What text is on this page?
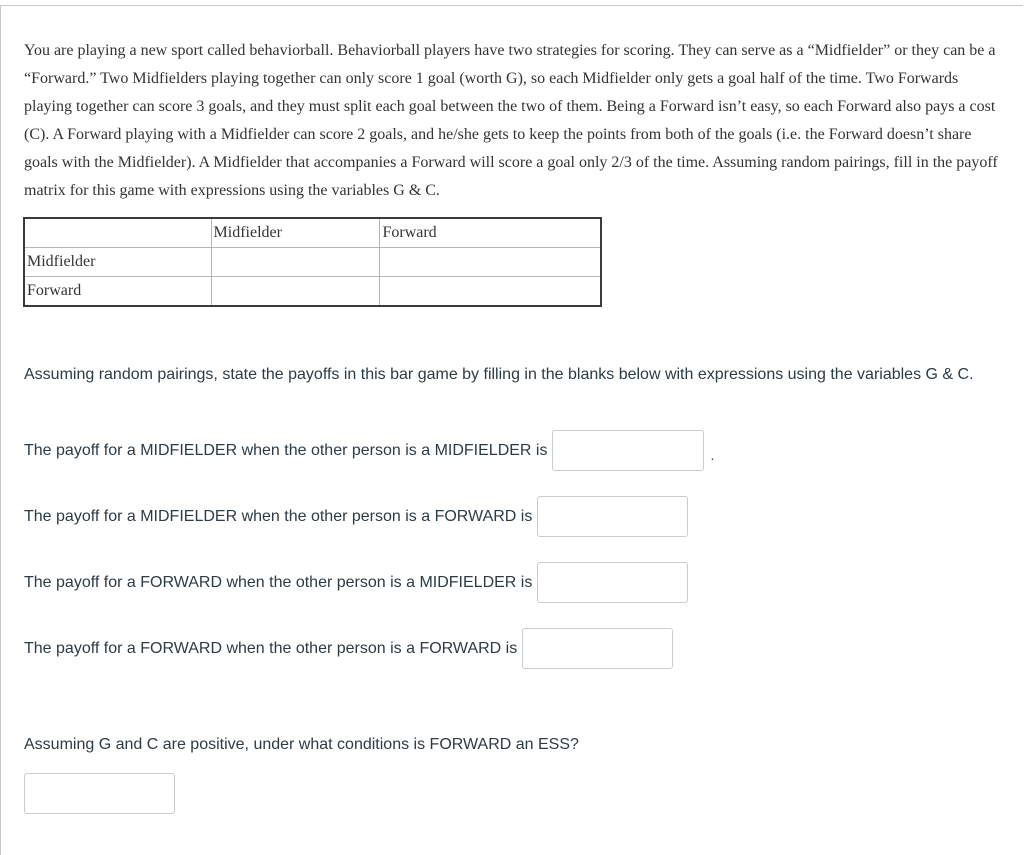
You are playing a new sport called behaviorball. Behaviorball players have two strategies for scoring. They can serve as a “Midfielder” or they can be a “Forward.” Two Midfielders playing together can only score 1 goal (worth G), so each Midfielder only gets a goal half of the time. Two Forwards playing together can score 3 goals, and they must split each goal between the two of them. Being a Forward isn’t easy, so each Forward also pays a cost (C). A Forward playing with a Midfielder can score 2 goals, and he/she gets to keep the points from both of the goals (i.e. the Forward doesn’t share goals with the Midfielder). A Midfielder that accompanies a Forward will score a goal only 2/3 of the time. Assuming random pairings, fill in the payoff matrix for this game with expressions using the variables G & C.

	Midfielder	Forward
Midfielder		
Forward		

Assuming random pairings, state the payoffs in this bar game by filling in the blanks below with expressions using the variables G & C.

The payoff for a MIDFIELDER when the other person is a MIDFIELDER is	.
The payoff for a MIDFIELDER when the other person is a FORWARD is
The payoff for a FORWARD when the other person is a MIDFIELDER is
The payoff for a FORWARD when the other person is a FORWARD is

Assuming G and C are positive, under what conditions is FORWARD an ESS?
